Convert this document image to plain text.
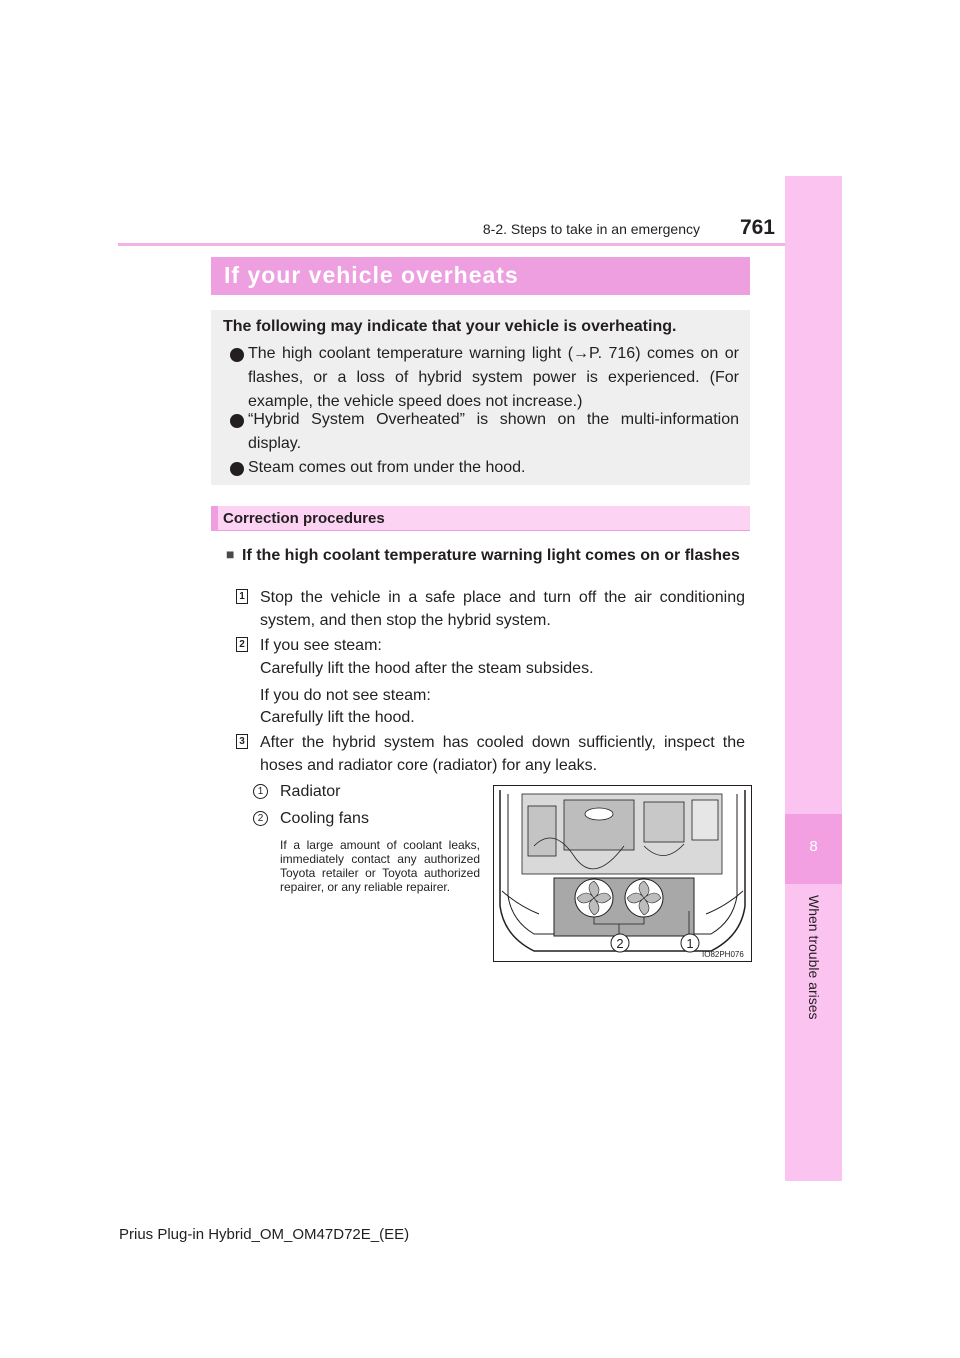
8-2. Steps to take in an emergency	761
8
When trouble arises
If your vehicle overheats
The following may indicate that your vehicle is overheating.
The high coolant temperature warning light (→P. 716) comes on or flashes, or a loss of hybrid system power is experienced. (For example, the vehicle speed does not increase.)
“Hybrid System Overheated” is shown on the multi-information display.
Steam comes out from under the hood.
Correction procedures
■ If the high coolant temperature warning light comes on or flashes
1 Stop the vehicle in a safe place and turn off the air conditioning system, and then stop the hybrid system.
2 If you see steam:
Carefully lift the hood after the steam subsides.
If you do not see steam:
Carefully lift the hood.
3 After the hybrid system has cooled down sufficiently, inspect the hoses and radiator core (radiator) for any leaks.
1 Radiator
2 Cooling fans
If a large amount of coolant leaks, immediately contact any authorized Toyota retailer or Toyota authorized repairer, or any reliable repairer.
2	1
IO82PH076
Prius Plug-in Hybrid_OM_OM47D72E_(EE)
